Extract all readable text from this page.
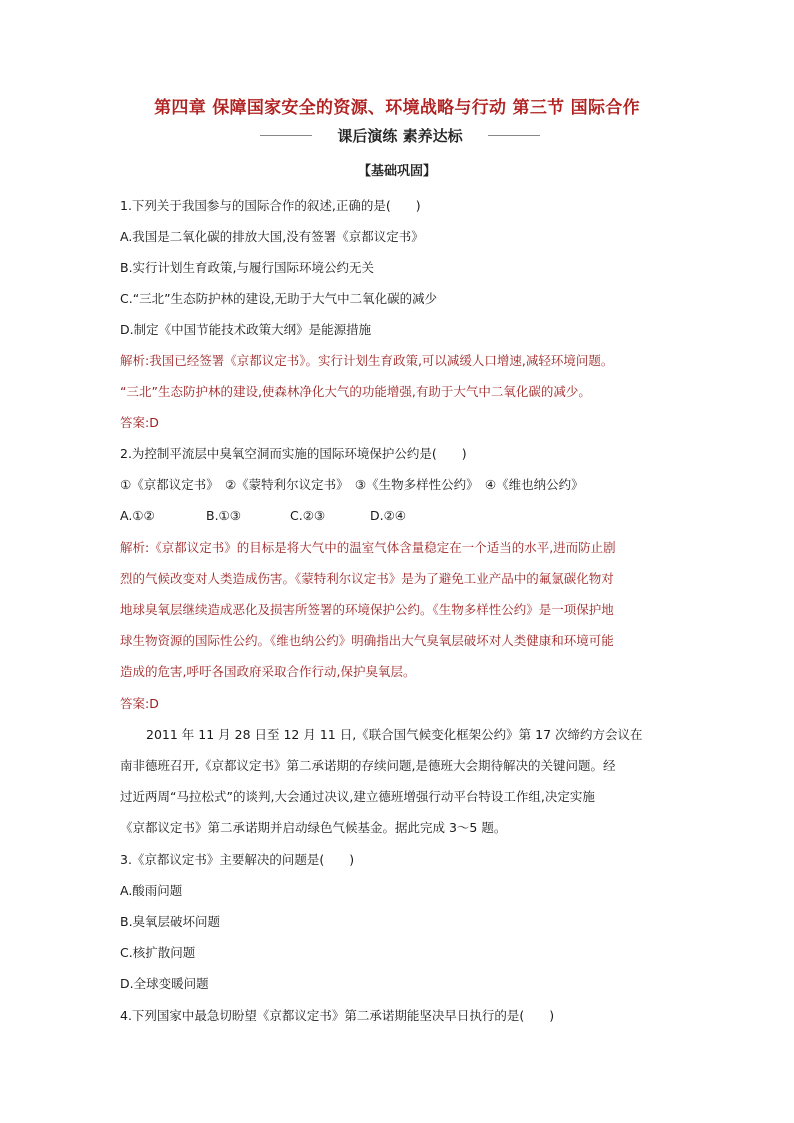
第四章 保障国家安全的资源、环境战略与行动 第三节 国际合作
课后演练 素养达标
【基础巩固】
1.下列关于我国参与的国际合作的叙述,正确的是(　　)
A.我国是二氧化碳的排放大国,没有签署《京都议定书》
B.实行计划生育政策,与履行国际环境公约无关
C.“三北”生态防护林的建设,无助于大气中二氧化碳的减少
D.制定《中国节能技术政策大纲》是能源措施
解析:我国已经签署《京都议定书》。实行计划生育政策,可以减缓人口增速,减轻环境问题。
“三北”生态防护林的建设,使森林净化大气的功能增强,有助于大气中二氧化碳的减少。
答案:D
2.为控制平流层中臭氧空洞而实施的国际环境保护公约是(　　)
①《京都议定书》　②《蒙特利尔议定书》　③《生物多样性公约》　④《维也纳公约》
A.①②	B.①③	C.②③	D.②④
解析:《京都议定书》的目标是将大气中的温室气体含量稳定在一个适当的水平,进而防止剧
烈的气候改变对人类造成伤害。《蒙特利尔议定书》是为了避免工业产品中的氟氯碳化物对
地球臭氧层继续造成恶化及损害所签署的环境保护公约。《生物多样性公约》是一项保护地
球生物资源的国际性公约。《维也纳公约》明确指出大气臭氧层破坏对人类健康和环境可能
造成的危害,呼吁各国政府采取合作行动,保护臭氧层。
答案:D
2011 年 11 月 28 日至 12 月 11 日,《联合国气候变化框架公约》第 17 次缔约方会议在
南非德班召开,《京都议定书》第二承诺期的存续问题,是德班大会期待解决的关键问题。经
过近两周“马拉松式”的谈判,大会通过决议,建立德班增强行动平台特设工作组,决定实施
《京都议定书》第二承诺期并启动绿色气候基金。据此完成 3～5 题。
3.《京都议定书》主要解决的问题是(　　)
A.酸雨问题
B.臭氧层破坏问题
C.核扩散问题
D.全球变暖问题
4.下列国家中最急切盼望《京都议定书》第二承诺期能坚决早日执行的是(　　)
